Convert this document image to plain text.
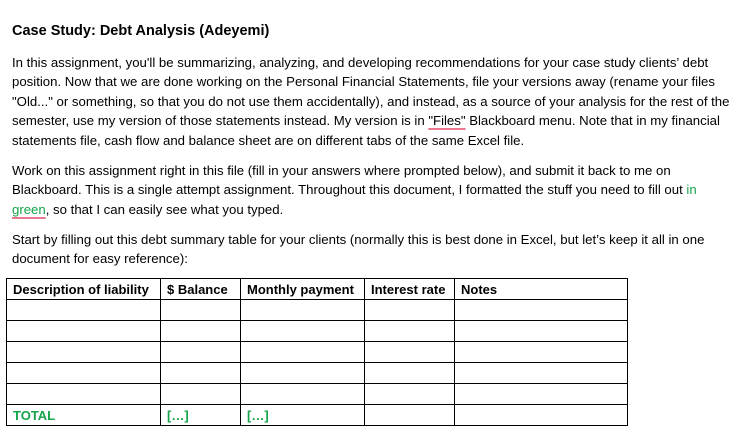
Case Study: Debt Analysis (Adeyemi)

In this assignment, you'll be summarizing, analyzing, and developing recommendations for your case study clients’ debt position. Now that we are done working on the Personal Financial Statements, file your versions away (rename your files "Old..." or something, so that you do not use them accidentally), and instead, as a source of your analysis for the rest of the semester, use my version of those statements instead. My version is in "Files" Blackboard menu. Note that in my financial statements file, cash flow and balance sheet are on different tabs of the same Excel file.

Work on this assignment right in this file (fill in your answers where prompted below), and submit it back to me on Blackboard. This is a single attempt assignment. Throughout this document, I formatted the stuff you need to fill out in green, so that I can easily see what you typed.

Start by filling out this debt summary table for your clients (normally this is best done in Excel, but let’s keep it all in one document for easy reference):

Description of liability	$ Balance	Monthly payment	Interest rate	Notes

TOTAL	[…]	[…]		
